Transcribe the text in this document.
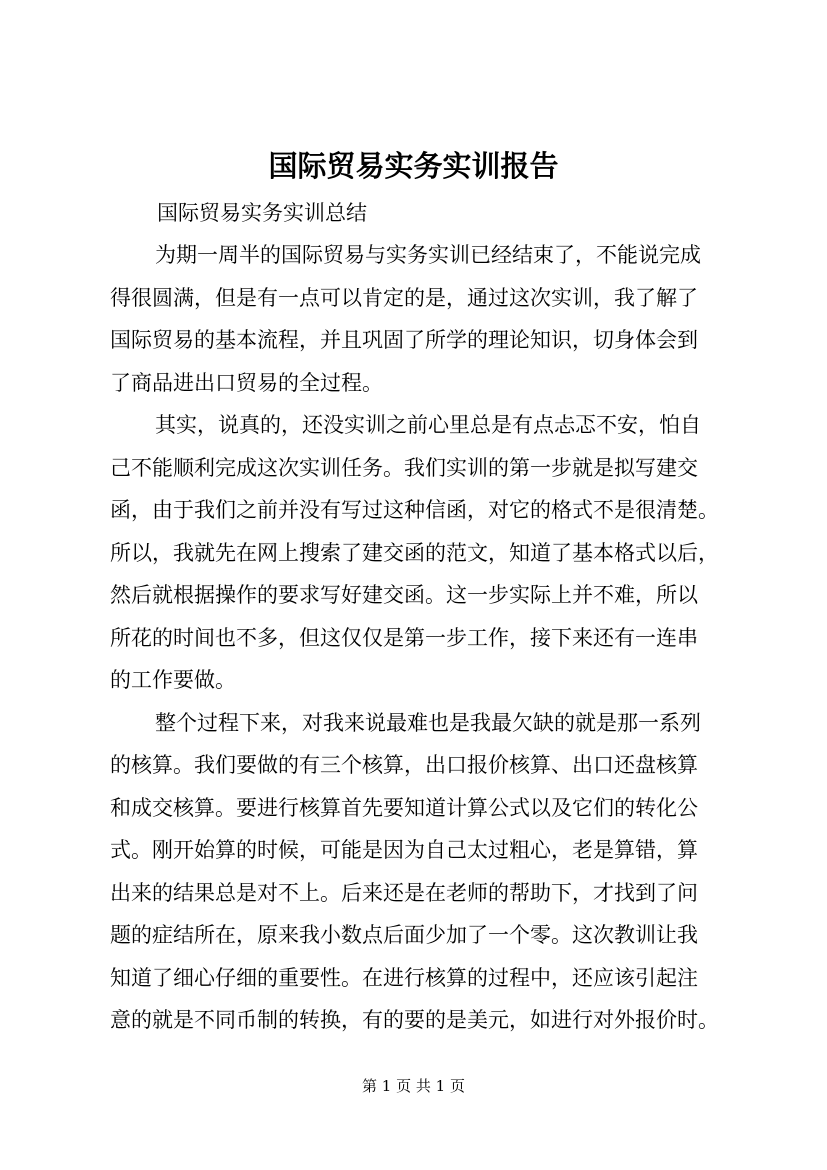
国际贸易实务实训报告

国际贸易实务实训总结

为期一周半的国际贸易与实务实训已经结束了，不能说完成
得很圆满，但是有一点可以肯定的是，通过这次实训，我了解了
国际贸易的基本流程，并且巩固了所学的理论知识，切身体会到
了商品进出口贸易的全过程。
其实，说真的，还没实训之前心里总是有点忐忑不安，怕自
己不能顺利完成这次实训任务。我们实训的第一步就是拟写建交
函，由于我们之前并没有写过这种信函，对它的格式不是很清楚。
所以，我就先在网上搜索了建交函的范文，知道了基本格式以后，
然后就根据操作的要求写好建交函。这一步实际上并不难，所以
所花的时间也不多，但这仅仅是第一步工作，接下来还有一连串
的工作要做。
整个过程下来，对我来说最难也是我最欠缺的就是那一系列
的核算。我们要做的有三个核算，出口报价核算、出口还盘核算
和成交核算。要进行核算首先要知道计算公式以及它们的转化公
式。刚开始算的时候，可能是因为自己太过粗心，老是算错，算
出来的结果总是对不上。后来还是在老师的帮助下，才找到了问
题的症结所在，原来我小数点后面少加了一个零。这次教训让我
知道了细心仔细的重要性。在进行核算的过程中，还应该引起注
意的就是不同币制的转换，有的要的是美元，如进行对外报价时。
第 1 页 共 1 页
